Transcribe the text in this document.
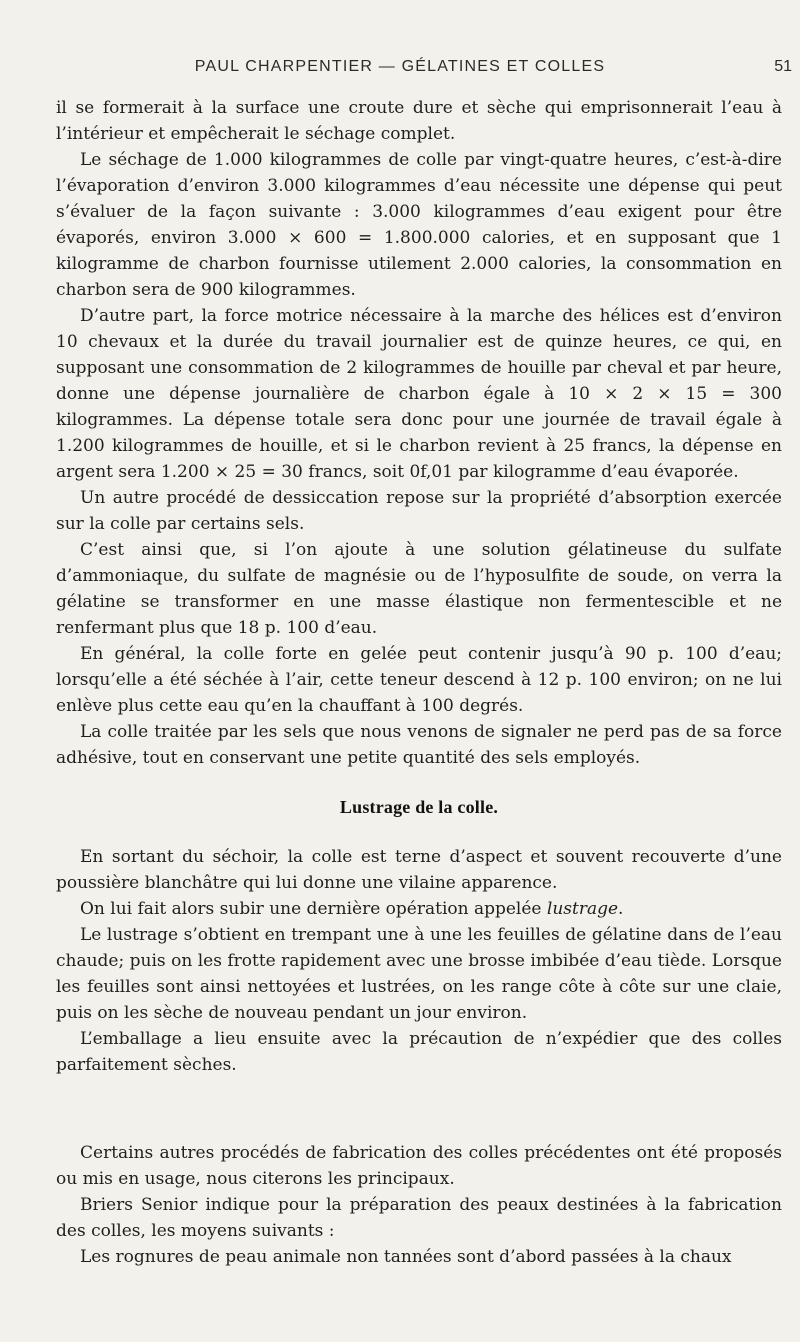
PAUL CHARPENTIER — GÉLATINES ET COLLES	51

il se formerait à la surface une croute dure et sèche qui emprisonnerait l’eau à l’intérieur et empêcherait le séchage complet.

Le séchage de 1.000 kilogrammes de colle par vingt-quatre heures, c’est-à-dire l’évaporation d’environ 3.000 kilogrammes d’eau nécessite une dépense qui peut s’évaluer de la façon suivante : 3.000 kilogrammes d’eau exigent pour être évaporés, environ 3.000 × 600 = 1.800.000 calories, et en supposant que 1 kilogramme de charbon fournisse utilement 2.000 calories, la consommation en charbon sera de 900 kilogrammes.

D’autre part, la force motrice nécessaire à la marche des hélices est d’environ 10 chevaux et la durée du travail journalier est de quinze heures, ce qui, en supposant une consommation de 2 kilogrammes de houille par cheval et par heure, donne une dépense journalière de charbon égale à 10 × 2 × 15 = 300 kilogrammes. La dépense totale sera donc pour une journée de travail égale à 1.200 kilogrammes de houille, et si le charbon revient à 25 francs, la dépense en argent sera 1.200 × 25 = 30 francs, soit 0f,01 par kilogramme d’eau évaporée.

Un autre procédé de dessiccation repose sur la propriété d’absorption exercée sur la colle par certains sels.

C’est ainsi que, si l’on ajoute à une solution gélatineuse du sulfate d’ammoniaque, du sulfate de magnésie ou de l’hyposulfite de soude, on verra la gélatine se transformer en une masse élastique non fermentescible et ne renfermant plus que 18 p. 100 d’eau.

En général, la colle forte en gelée peut contenir jusqu’à 90 p. 100 d’eau; lorsqu’elle a été séchée à l’air, cette teneur descend à 12 p. 100 environ; on ne lui enlève plus cette eau qu’en la chauffant à 100 degrés.

La colle traitée par les sels que nous venons de signaler ne perd pas de sa force adhésive, tout en conservant une petite quantité des sels employés.

Lustrage de la colle.

En sortant du séchoir, la colle est terne d’aspect et souvent recouverte d’une poussière blanchâtre qui lui donne une vilaine apparence.

On lui fait alors subir une dernière opération appelée lustrage.

Le lustrage s’obtient en trempant une à une les feuilles de gélatine dans de l’eau chaude; puis on les frotte rapidement avec une brosse imbibée d’eau tiède. Lorsque les feuilles sont ainsi nettoyées et lustrées, on les range côte à côte sur une claie, puis on les sèche de nouveau pendant un jour environ.

L’emballage a lieu ensuite avec la précaution de n’expédier que des colles parfaitement sèches.

Certains autres procédés de fabrication des colles précédentes ont été proposés ou mis en usage, nous citerons les principaux.

Briers Senior indique pour la préparation des peaux destinées à la fabrication des colles, les moyens suivants :

Les rognures de peau animale non tannées sont d’abord passées à la chaux
